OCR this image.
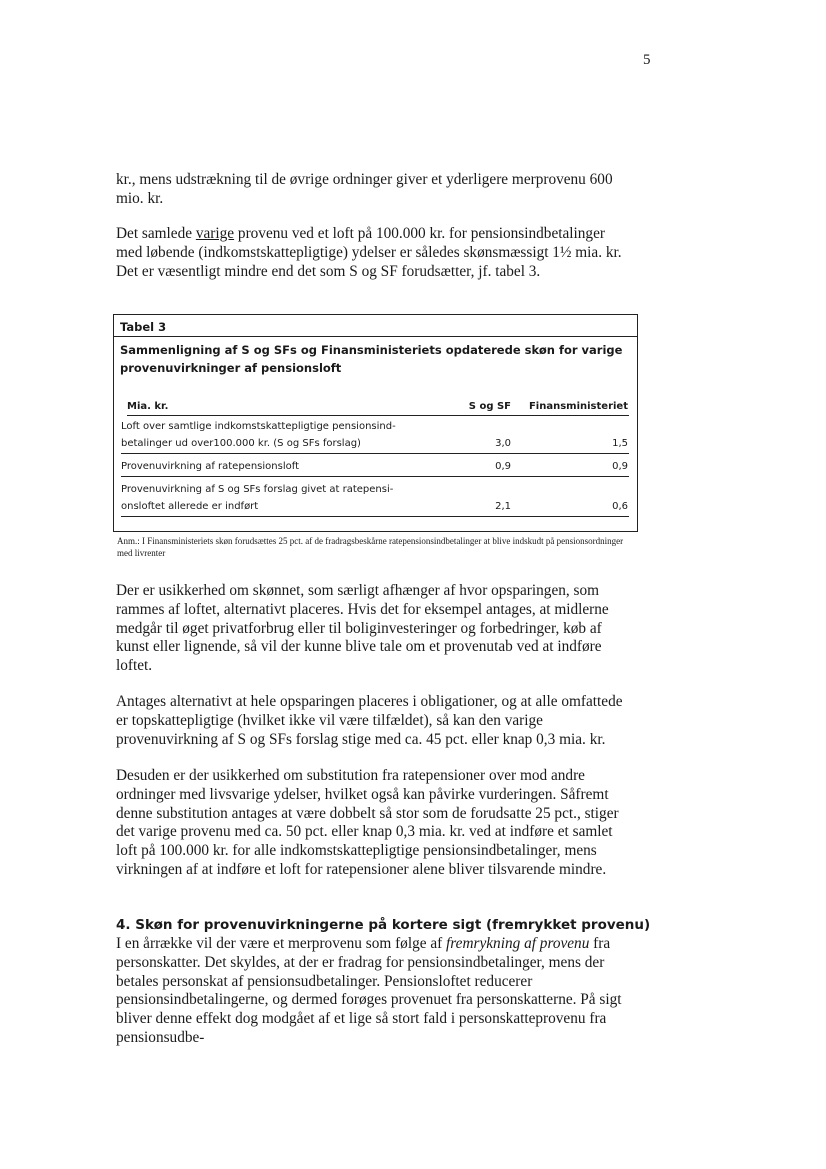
5

kr., mens udstrækning til de øvrige ordninger giver et yderligere merprovenu 600 mio. kr.

Det samlede varige provenu ved et loft på 100.000 kr. for pensionsindbetalinger med løbende (indkomstskattepligtige) ydelser er således skønsmæssigt 1½ mia. kr. Det er væsentligt mindre end det som S og SF forudsætter, jf. tabel 3.

Tabel 3
Sammenligning af S og SFs og Finansministeriets opdaterede skøn for varige provenuvirkninger af pensionsloft
Mia. kr.	S og SF	Finansministeriet
Loft over samtlige indkomstskattepligtige pensionsind-
betalinger ud over100.000 kr. (S og SFs forslag)	3,0	1,5
Provenuvirkning af ratepensionsloft	0,9	0,9
Provenuvirkning af S og SFs forslag givet at ratepensi-
onsloftet allerede er indført	2,1	0,6
Anm.: I Finansministeriets skøn forudsættes 25 pct. af de fradragsbeskårne ratepensionsindbetalinger at blive indskudt på pensionsordninger med livrenter

Der er usikkerhed om skønnet, som særligt afhænger af hvor opsparingen, som rammes af loftet, alternativt placeres. Hvis det for eksempel antages, at midlerne medgår til øget privatforbrug eller til boliginvesteringer og forbedringer, køb af kunst eller lignende, så vil der kunne blive tale om et provenutab ved at indføre loftet.

Antages alternativt at hele opsparingen placeres i obligationer, og at alle omfattede er topskattepligtige (hvilket ikke vil være tilfældet), så kan den varige provenuvirkning af S og SFs forslag stige med ca. 45 pct. eller knap 0,3 mia. kr.

Desuden er der usikkerhed om substitution fra ratepensioner over mod andre ordninger med livsvarige ydelser, hvilket også kan påvirke vurderingen. Såfremt denne substitution antages at være dobbelt så stor som de forudsatte 25 pct., stiger det varige provenu med ca. 50 pct. eller knap 0,3 mia. kr. ved at indføre et samlet loft på 100.000 kr. for alle indkomstskattepligtige pensionsindbetalinger, mens virkningen af at indføre et loft for ratepensioner alene bliver tilsvarende mindre.

4. Skøn for provenuvirkningerne på kortere sigt (fremrykket provenu)

I en årrække vil der være et merprovenu som følge af fremrykning af provenu fra personskatter. Det skyldes, at der er fradrag for pensionsindbetalinger, mens der betales personskat af pensionsudbetalinger. Pensionsloftet reducerer pensionsindbetalingerne, og dermed forøges provenuet fra personskatterne. På sigt bliver denne effekt dog modgået af et lige så stort fald i personskatteprovenu fra pensionsudbe-
